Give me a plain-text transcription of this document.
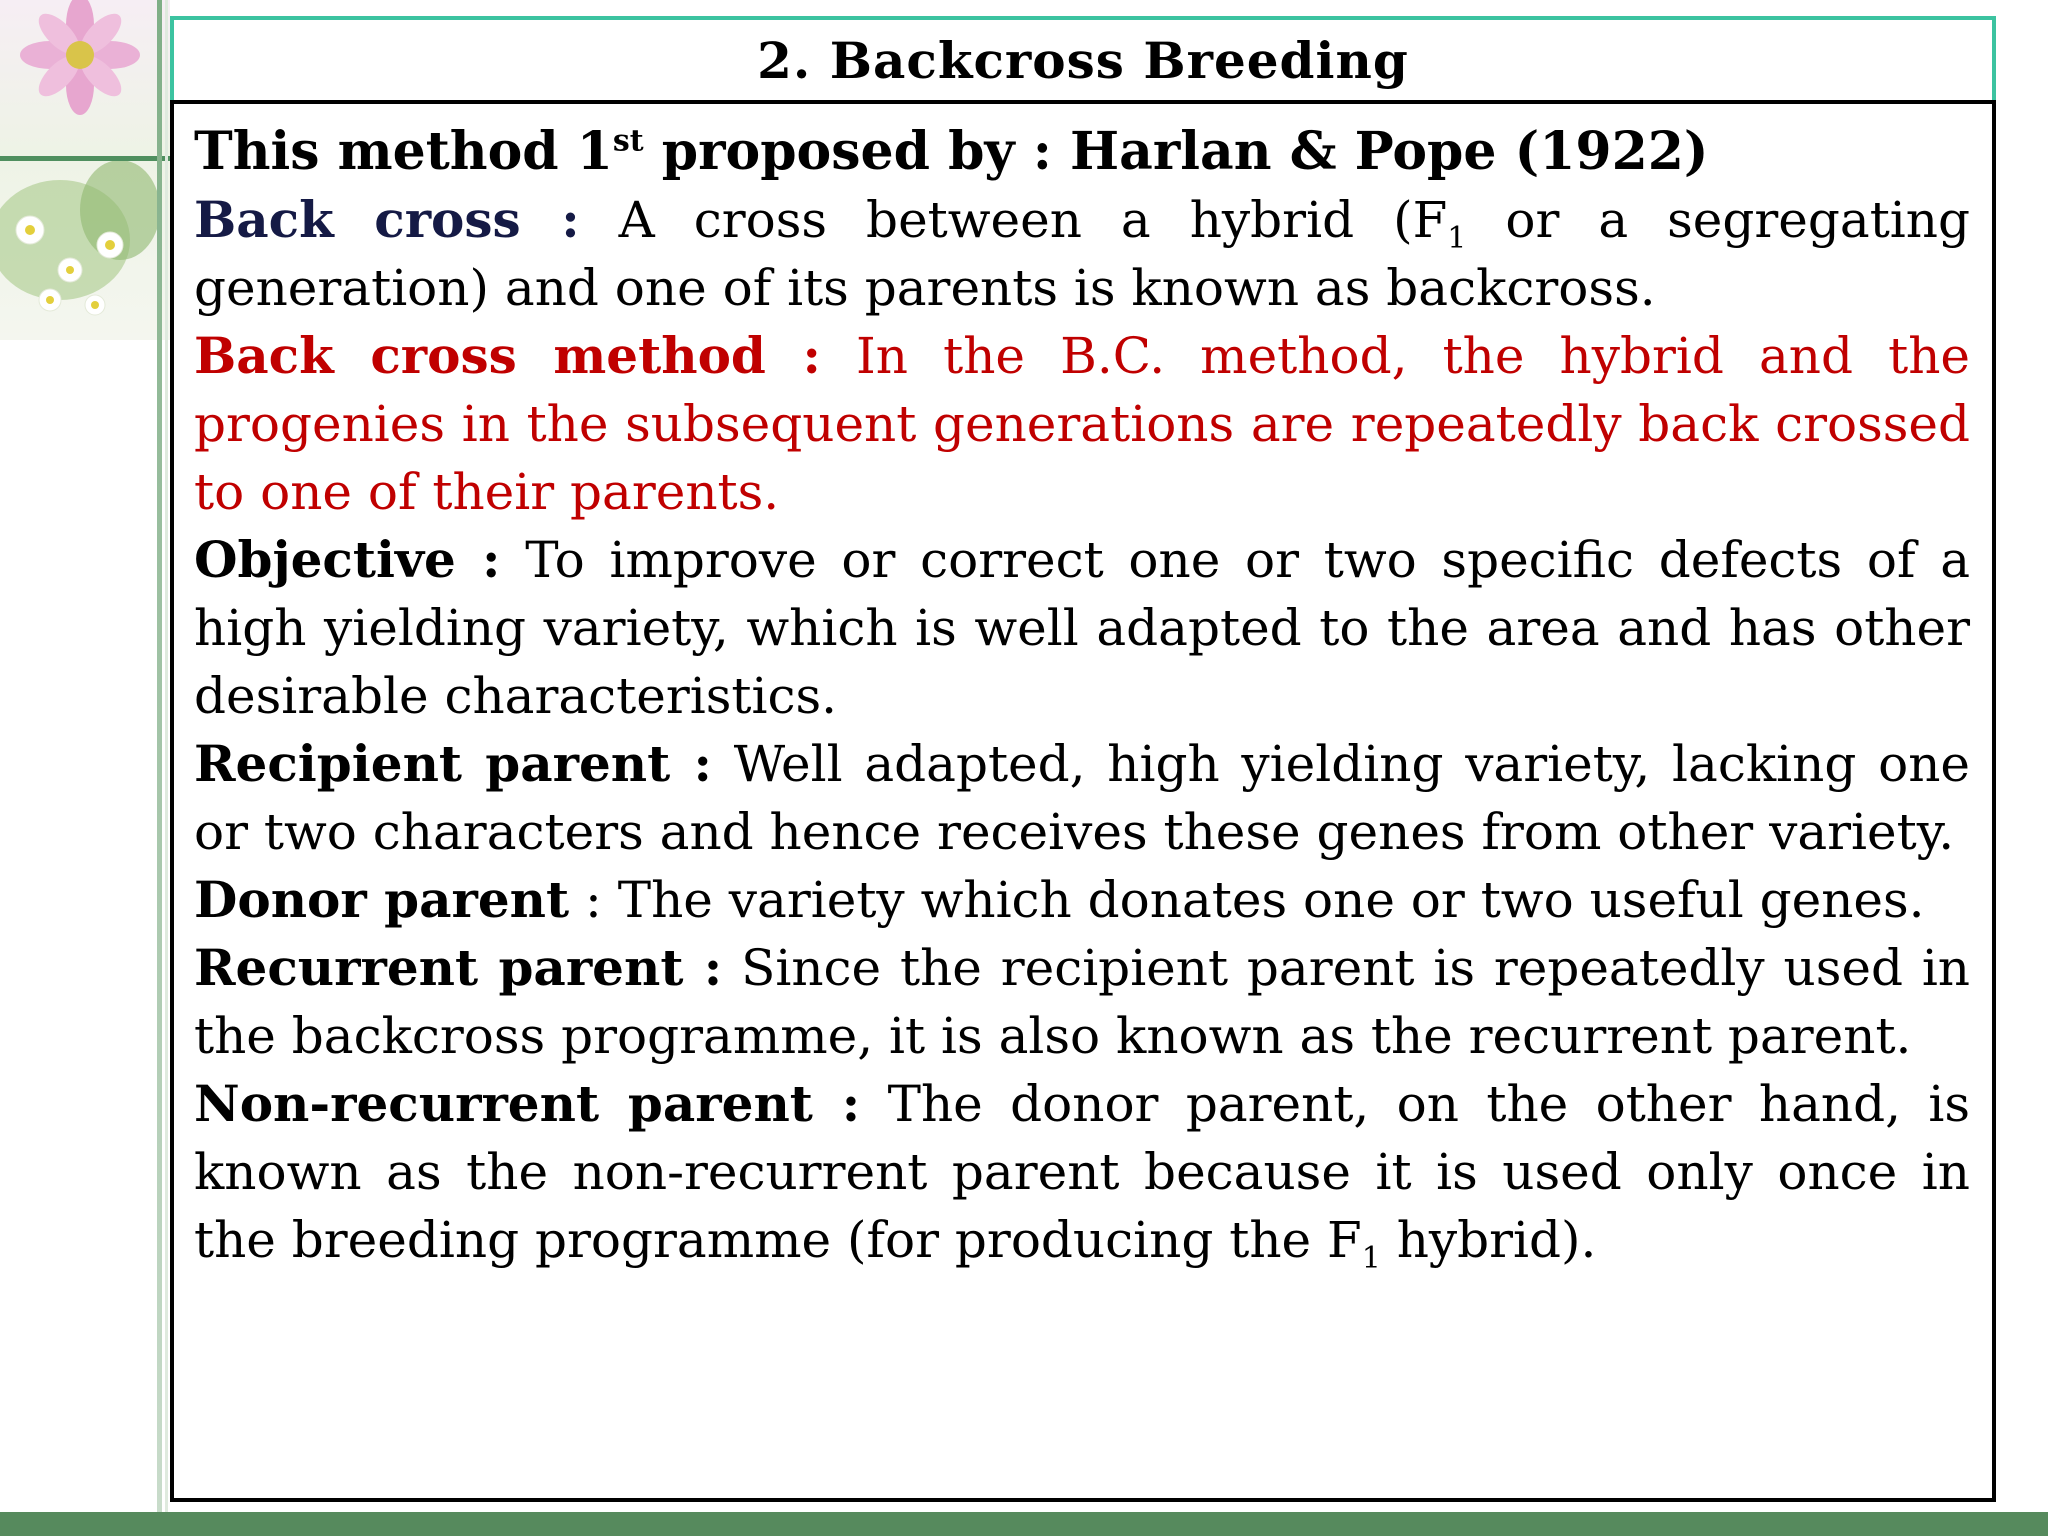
2. Backcross Breeding

This method 1st proposed by : Harlan & Pope (1922)

Back cross : A cross between a hybrid ($F_1$ or a segregating generation) and one of its parents is known as backcross.

Back cross method : In the B.C. method, the hybrid and the progenies in the subsequent generations are repeatedly back crossed to one of their parents.

Objective : To improve or correct one or two specific defects of a high yielding variety, which is well adapted to the area and has other desirable characteristics.

Recipient parent : Well adapted, high yielding variety, lacking one or two characters and hence receives these genes from other variety.

Donor parent : The variety which donates one or two useful genes.

Recurrent parent : Since the recipient parent is repeatedly used in the backcross programme, it is also known as the recurrent parent.

Non-recurrent parent : The donor parent, on the other hand, is known as the non-recurrent parent because it is used only once in the breeding programme (for producing the $F_1$ hybrid).
